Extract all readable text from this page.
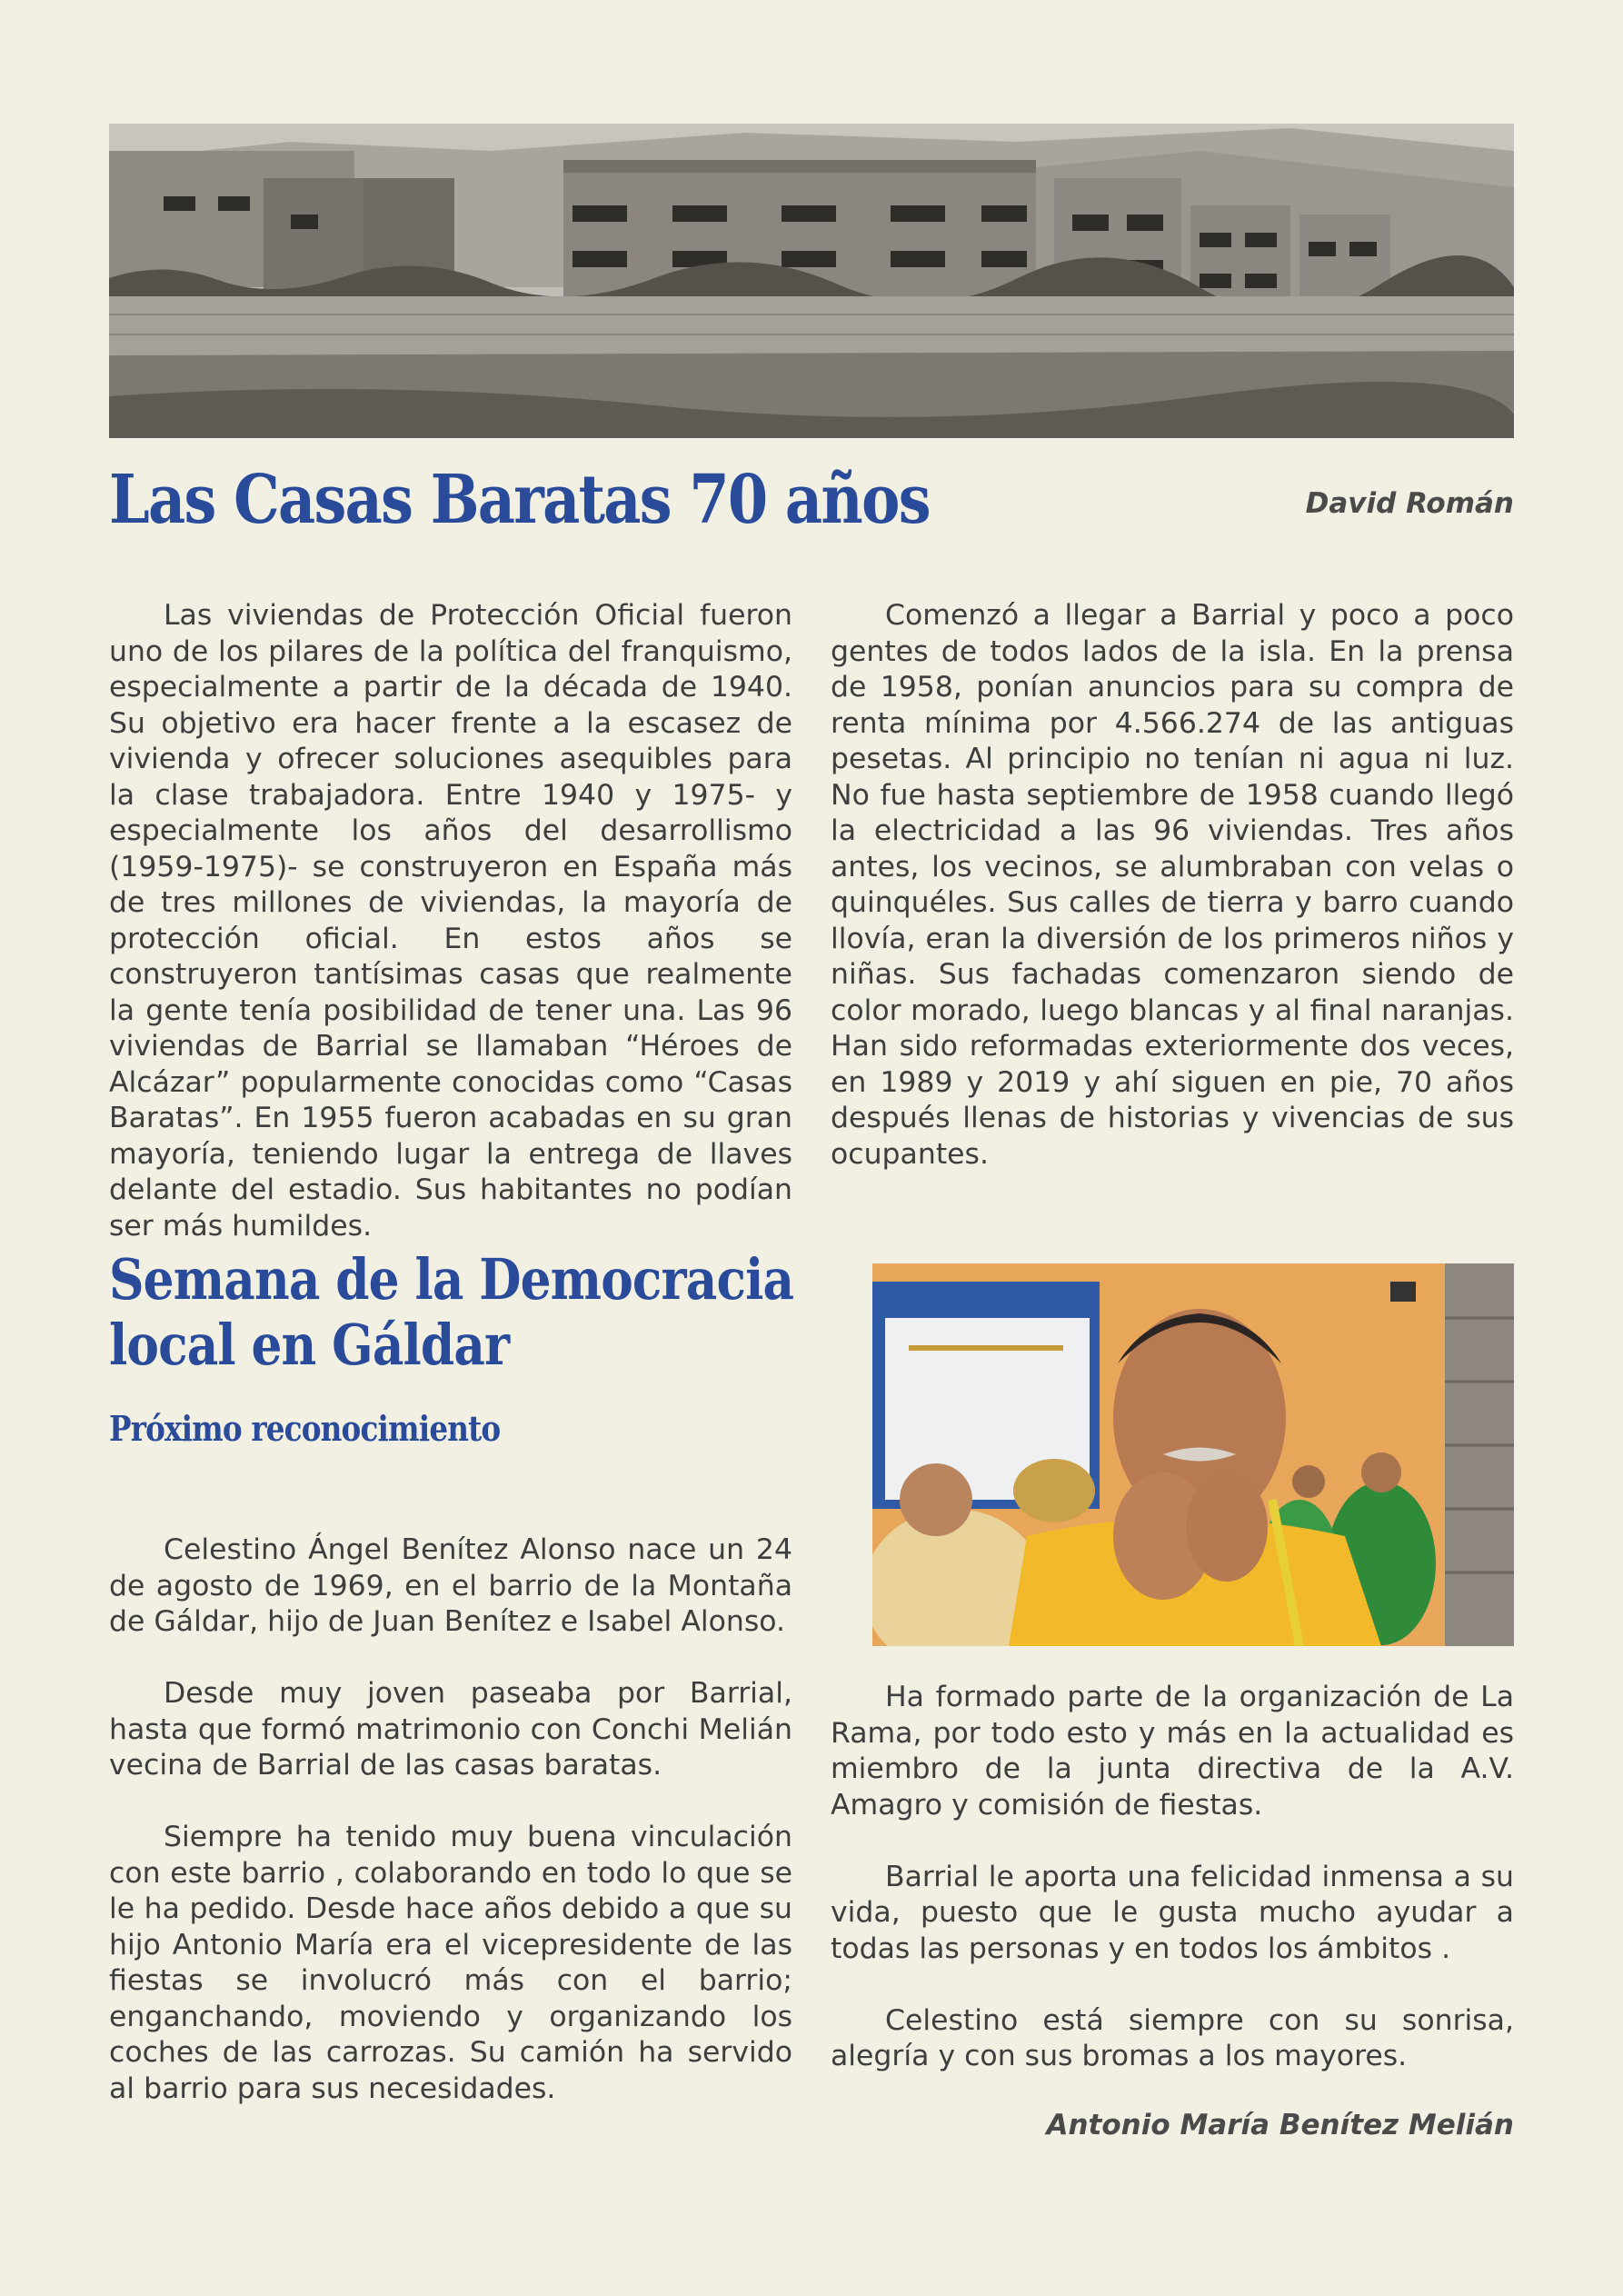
Las Casas Baratas 70 años	David Román

Las viviendas de Protección Oficial fueron uno de los pilares de la política del franquismo, especialmente a partir de la década de 1940. Su objetivo era hacer frente a la escasez de vivienda y ofrecer soluciones asequibles para la clase trabajadora. Entre 1940 y 1975- y especialmente los años del desarrollismo (1959-1975)- se construyeron en España más de tres millones de viviendas, la mayoría de protección oficial. En estos años se construyeron tantísimas casas que realmente la gente tenía posibilidad de tener una. Las 96 viviendas de Barrial se llamaban “Héroes de Alcázar” popularmente conocidas como “Casas Baratas”. En 1955 fueron acabadas en su gran mayoría, teniendo lugar la entrega de llaves delante del estadio. Sus habitantes no podían ser más humildes.

Comenzó a llegar a Barrial y poco a poco gentes de todos lados de la isla. En la prensa de 1958, ponían anuncios para su compra de renta mínima por 4.566.274 de las antiguas pesetas. Al principio no tenían ni agua ni luz. No fue hasta septiembre de 1958 cuando llegó la electricidad a las 96 viviendas. Tres años antes, los vecinos, se alumbraban con velas o quinquéles. Sus calles de tierra y barro cuando llovía, eran la diversión de los primeros niños y niñas. Sus fachadas comenzaron siendo de color morado, luego blancas y al final naranjas. Han sido reformadas exteriormente dos veces, en 1989 y 2019 y ahí siguen en pie, 70 años después llenas de historias y vivencias de sus ocupantes.

Semana de la Democracia local en Gáldar
Próximo reconocimiento

Celestino Ángel Benítez Alonso nace un 24 de agosto de 1969, en el barrio de la Montaña de Gáldar, hijo de Juan Benítez e Isabel Alonso.

Desde muy joven paseaba por Barrial, hasta que formó matrimonio con Conchi Melián vecina de Barrial de las casas baratas.

Siempre ha tenido muy buena vinculación con este barrio , colaborando en todo lo que se le ha pedido. Desde hace años debido a que su hijo Antonio María era el vicepresidente de las fiestas se involucró más con el barrio; enganchando, moviendo y organizando los coches de las carrozas. Su camión ha servido al barrio para sus necesidades.

Ha formado parte de la organización de La Rama, por todo esto y más en la actualidad es miembro de la junta directiva de la A.V. Amagro y comisión de fiestas.

Barrial le aporta una felicidad inmensa a su vida, puesto que le gusta mucho ayudar a todas las personas y en todos los ámbitos .

Celestino está siempre con su sonrisa, alegría y con sus bromas a los mayores.

Antonio María Benítez Melián
